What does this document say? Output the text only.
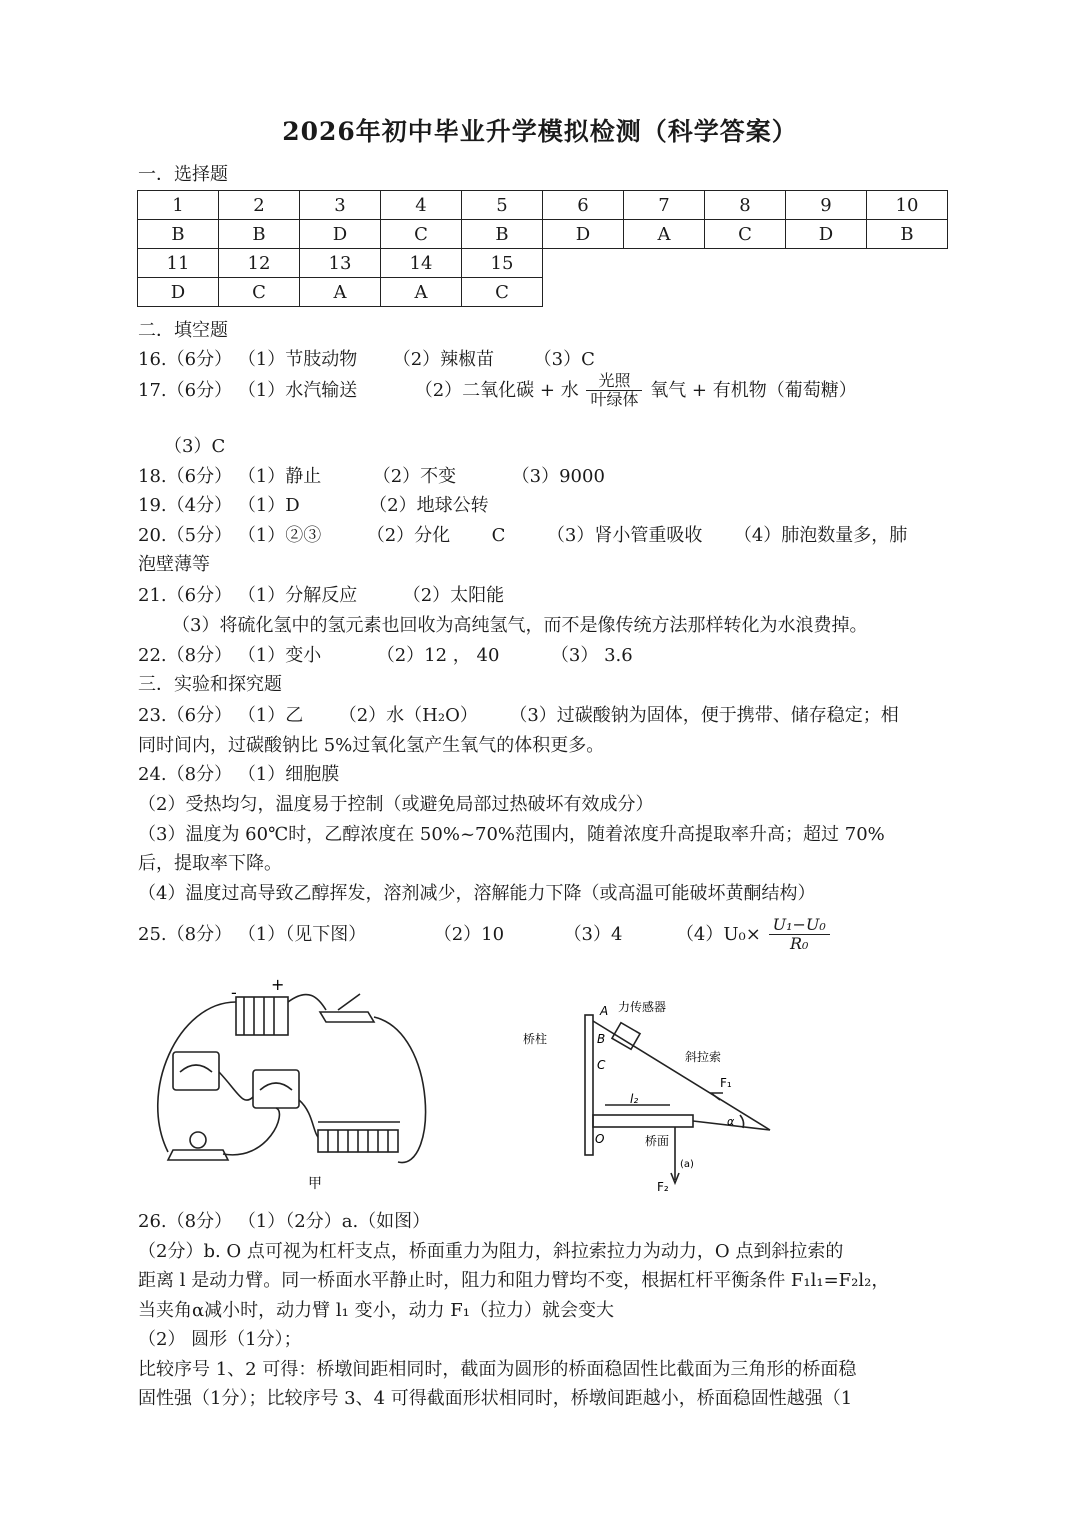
2026年初中毕业升学模拟检测（科学答案）
一．选择题
1	2	3	4	5	6	7	8	9	10
B	B	D	C	B	D	A	C	D	B
11	12	13	14	15					
D	C	A	A	C					
二．填空题
16.（6分） （1）节肢动物 （2）辣椒苗 （3）C
17.（6分） （1）水汽输送	（2）二氧化碳 + 水 $\frac{\text{光照}}{\text{叶绿体}}$ 氧气 + 有机物（葡萄糖）
（3）C
18.（6分） （1）静止	（2）不变	（3）9000
19.（4分） （1）D	（2）地球公转
20.（5分） （1）②③	（2）分化 C （3）肾小管重吸收 （4）肺泡数量多，肺
泡壁薄等
21.（6分） （1）分解反应	（2）太阳能
（3）将硫化氢中的氢元素也回收为高纯氢气，而不是像传统方法那样转化为水浪费掉。
22.（8分） （1）变小	（2）12 ， 40	（3） 3.6
三．实验和探究题
23.（6分） （1）乙 （2）水（H₂O） （3）过碳酸钠为固体，便于携带、储存稳定；相
同时间内，过碳酸钠比 5%过氧化氢产生氧气的体积更多。
24.（8分） （1）细胞膜
（2）受热均匀，温度易于控制（或避免局部过热破坏有效成分）
（3）温度为 60℃时，乙醇浓度在 50%~70%范围内，随着浓度升高提取率升高；超过 70%
后，提取率下降。
（4）温度过高导致乙醇挥发，溶剂减少，溶解能力下降（或高温可能破坏黄酮结构）
25.（8分） （1）（见下图）	（2）10	（3）4	$(4)U_0\times \frac{\text{U₁−U₀}}{\text{R₀}}$
- +
甲
A
B
C
O
桥柱
力传感器
斜拉索
F₁
α
l₂
桥面
(a)
F₂
26.（8分） （1）（2分）a.（如图）
（2分）b. O 点可视为杠杆支点，桥面重力为阻力，斜拉索拉力为动力，O 点到斜拉索的
距离 l 是动力臂。同一桥面水平静止时，阻力和阻力臂均不变，根据杠杆平衡条件 F₁l₁=F₂l₂，
当夹角α减小时，动力臂 l₁ 变小，动力 F₁（拉力）就会变大
（2） 圆形（1分）；
比较序号 1、2 可得：桥墩间距相同时，截面为圆形的桥面稳固性比截面为三角形的桥面稳
固性强（1分）；比较序号 3、4 可得截面形状相同时，桥墩间距越小，桥面稳固性越强（1
